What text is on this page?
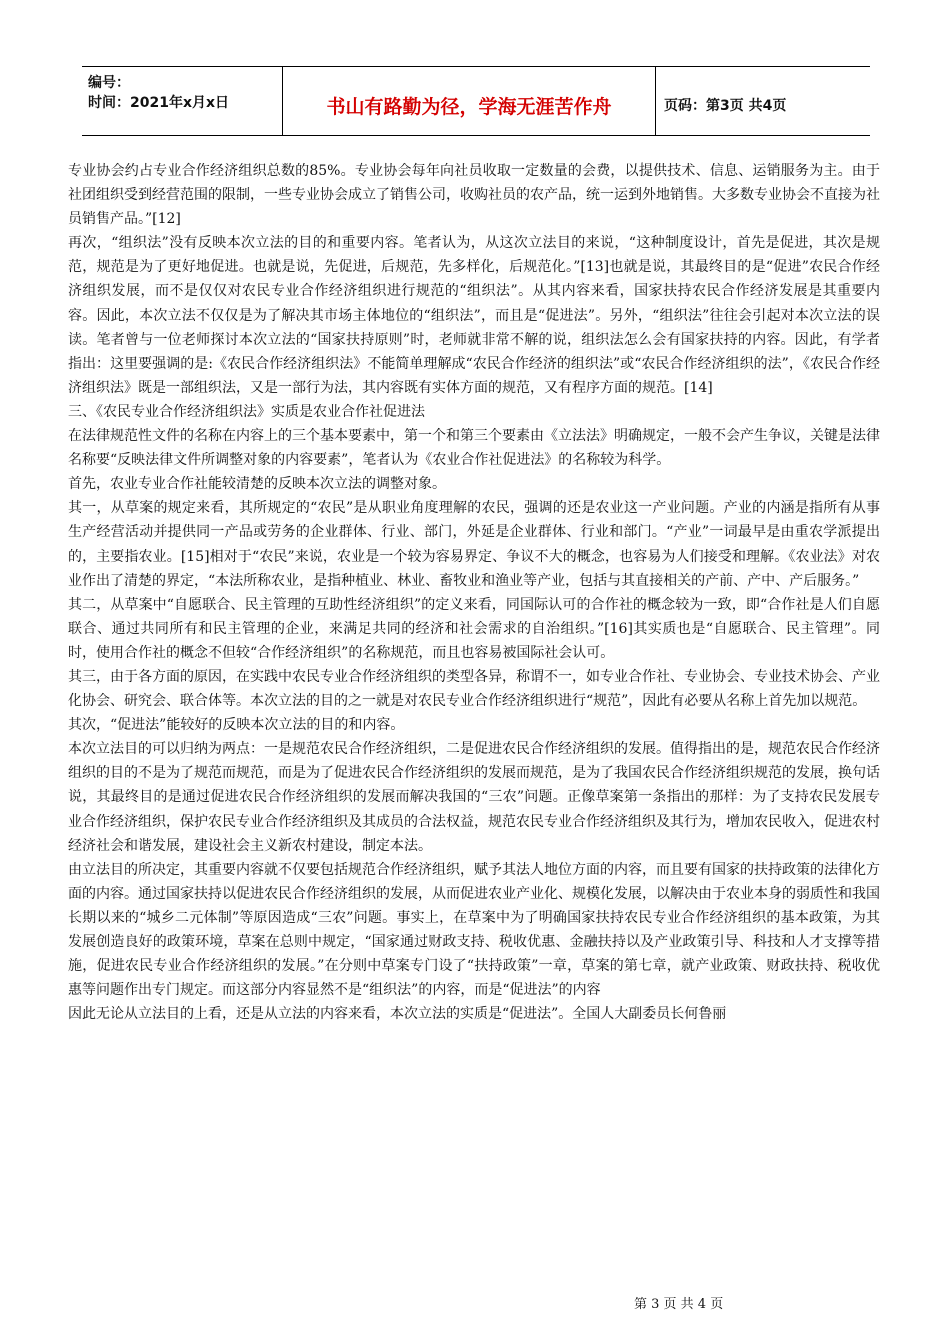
编号：
时间：2021年x月x日	书山有路勤为径，学海无涯苦作舟	页码：第3页 共4页

专业协会约占专业合作经济组织总数的85%。专业协会每年向社员收取一定数量的会费，以提供技术、信息、运销服务为主。由于社团组织受到经营范围的限制，一些专业协会成立了销售公司，收购社员的农产品，统一运到外地销售。大多数专业协会不直接为社员销售产品。”[12]

再次，“组织法”没有反映本次立法的目的和重要内容。笔者认为，从这次立法目的来说，“这种制度设计，首先是促进，其次是规范，规范是为了更好地促进。也就是说，先促进，后规范，先多样化，后规范化。”[13]也就是说，其最终目的是“促进”农民合作经济组织发展，而不是仅仅对农民专业合作经济组织进行规范的“组织法”。从其内容来看，国家扶持农民合作经济发展是其重要内容。因此，本次立法不仅仅是为了解决其市场主体地位的“组织法”，而且是“促进法”。另外，“组织法”往往会引起对本次立法的误读。笔者曾与一位老师探讨本次立法的“国家扶持原则”时，老师就非常不解的说，组织法怎么会有国家扶持的内容。因此，有学者指出：这里要强调的是:《农民合作经济组织法》不能简单理解成“农民合作经济的组织法”或“农民合作经济组织的法”，《农民合作经济组织法》既是一部组织法，又是一部行为法，其内容既有实体方面的规范，又有程序方面的规范。[14]

三、《农民专业合作经济组织法》实质是农业合作社促进法

在法律规范性文件的名称在内容上的三个基本要素中，第一个和第三个要素由《立法法》明确规定，一般不会产生争议，关键是法律名称要“反映法律文件所调整对象的内容要素”，笔者认为《农业合作社促进法》的名称较为科学。

首先，农业专业合作社能较清楚的反映本次立法的调整对象。

其一，从草案的规定来看，其所规定的“农民”是从职业角度理解的农民，强调的还是农业这一产业问题。产业的内涵是指所有从事生产经营活动并提供同一产品或劳务的企业群体、行业、部门，外延是企业群体、行业和部门。“产业”一词最早是由重农学派提出的，主要指农业。[15]相对于“农民”来说，农业是一个较为容易界定、争议不大的概念，也容易为人们接受和理解。《农业法》对农业作出了清楚的界定，“本法所称农业，是指种植业、林业、畜牧业和渔业等产业，包括与其直接相关的产前、产中、产后服务。”

其二，从草案中“自愿联合、民主管理的互助性经济组织”的定义来看，同国际认可的合作社的概念较为一致，即“合作社是人们自愿联合、通过共同所有和民主管理的企业，来满足共同的经济和社会需求的自治组织。”[16]其实质也是“自愿联合、民主管理”。同时，使用合作社的概念不但较“合作经济组织”的名称规范，而且也容易被国际社会认可。

其三，由于各方面的原因，在实践中农民专业合作经济组织的类型各异，称谓不一，如专业合作社、专业协会、专业技术协会、产业化协会、研究会、联合体等。本次立法的目的之一就是对农民专业合作经济组织进行“规范”，因此有必要从名称上首先加以规范。

其次，“促进法”能较好的反映本次立法的目的和内容。

本次立法目的可以归纳为两点：一是规范农民合作经济组织，二是促进农民合作经济组织的发展。值得指出的是，规范农民合作经济组织的目的不是为了规范而规范，而是为了促进农民合作经济组织的发展而规范，是为了我国农民合作经济组织规范的发展，换句话说，其最终目的是通过促进农民合作经济组织的发展而解决我国的“三农”问题。正像草案第一条指出的那样：为了支持农民发展专业合作经济组织，保护农民专业合作经济组织及其成员的合法权益，规范农民专业合作经济组织及其行为，增加农民收入，促进农村经济社会和谐发展，建设社会主义新农村建设，制定本法。

由立法目的所决定，其重要内容就不仅要包括规范合作经济组织，赋予其法人地位方面的内容，而且要有国家的扶持政策的法律化方面的内容。通过国家扶持以促进农民合作经济组织的发展，从而促进农业产业化、规模化发展，以解决由于农业本身的弱质性和我国长期以来的“城乡二元体制”等原因造成“三农”问题。事实上，在草案中为了明确国家扶持农民专业合作经济组织的基本政策，为其发展创造良好的政策环境，草案在总则中规定，“国家通过财政支持、税收优惠、金融扶持以及产业政策引导、科技和人才支撑等措施，促进农民专业合作经济组织的发展。”在分则中草案专门设了“扶持政策”一章，草案的第七章，就产业政策、财政扶持、税收优惠等问题作出专门规定。而这部分内容显然不是“组织法”的内容，而是“促进法”的内容

因此无论从立法目的上看，还是从立法的内容来看，本次立法的实质是“促进法”。全国人大副委员长何鲁丽

第 3 页 共 4 页
